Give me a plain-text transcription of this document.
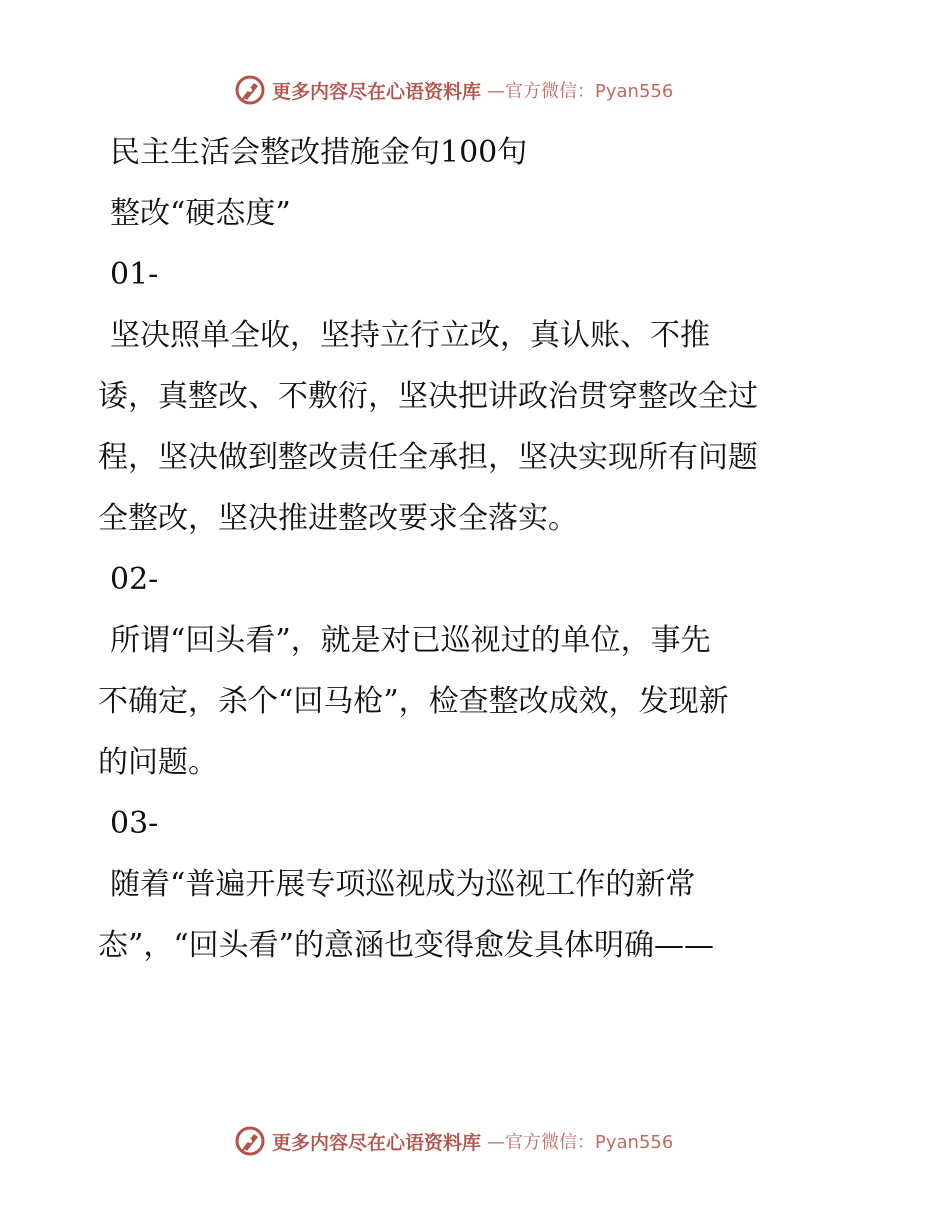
更多内容尽在心语资料库 —官方微信：Pyan556
民主生活会整改措施金句100句
整改“硬态度”
01-
坚决照单全收，坚持立行立改，真认账、不推
诿，真整改、不敷衍，坚决把讲政治贯穿整改全过
程，坚决做到整改责任全承担，坚决实现所有问题
全整改，坚决推进整改要求全落实。
02-
所谓“回头看”，就是对已巡视过的单位，事先
不确定，杀个“回马枪”，检查整改成效，发现新
的问题。
03-
随着“普遍开展专项巡视成为巡视工作的新常
态”，“回头看”的意涵也变得愈发具体明确——
更多内容尽在心语资料库 —官方微信：Pyan556
